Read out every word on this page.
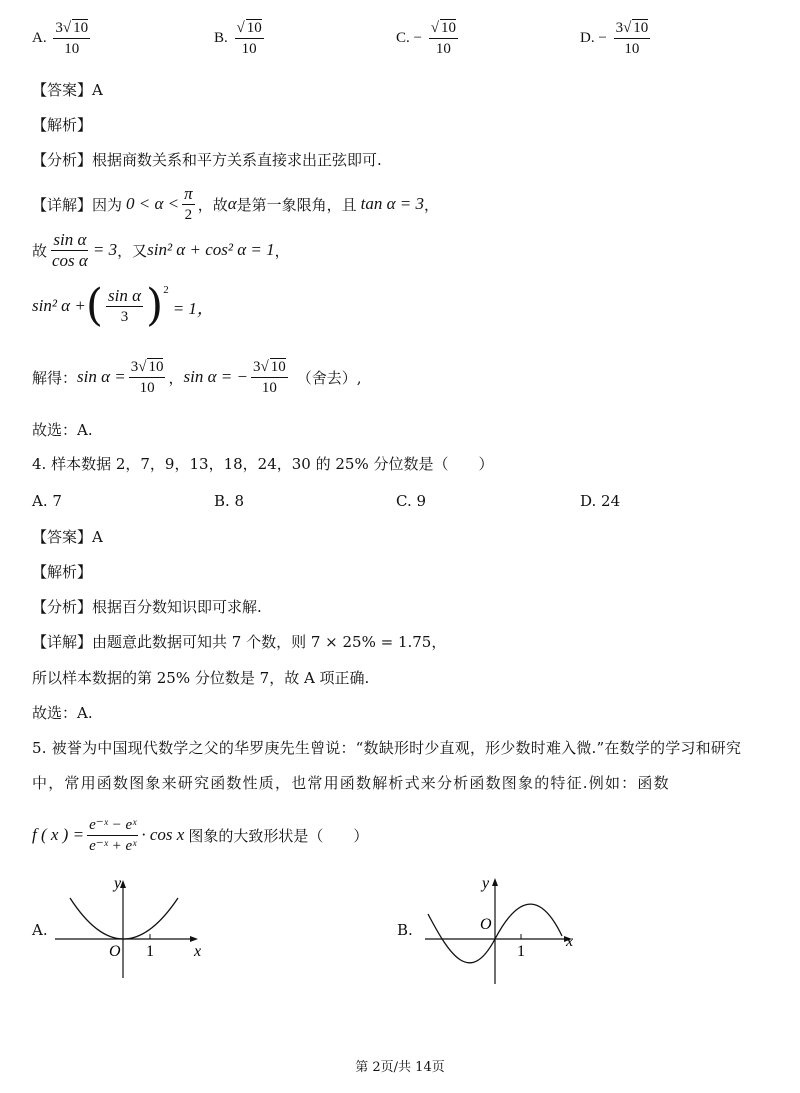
A. $\frac{3√ 10}{10}$	B. $\frac{√ 10}{10}$	C. − $\frac{√ 10}{10}$	D. − $\frac{3√ 10}{10}$
【答案】A
【解析】
【分析】根据商数关系和平方关系直接求出正弦即可.
【详解】 因为 $0 < \alpha < \frac{\pi}{2}$ ，故 α 是第一象限角，且 tan α = 3 ，
故 $\frac{\text{sin α}}{\text{cos α}} = 3$ ，又 sin² α + cos² α = 1 ，
sin² α + ( $\frac{\text{sin α}}{3}$ ) 2
= 1，
解得： $\sin \alpha = \frac{3√ 10}{10}$ ， sin α = − $\frac{3√ 10}{10}$ （舍去）,
故选：A.
4. 样本数据 2，7，9，13，18，24，30 的 25% 分位数是（　　）
A. 7	B. 8	C. 9	D. 24
【答案】A
【解析】
【分析】根据百分数知识即可求解.
【详解】由题意此数据可知共 7 个数，则 7 × 25% = 1.75，
所以样本数据的第 25% 分位数是 7，故 A 项正确.
故选：A.
5. 被誉为中国现代数学之父的华罗庚先生曾说：“数缺形时少直观，形少数时难入微.”在数学的学习和研究
中，常用函数图象来研究函数性质，也常用函数解析式来分析函数图象的特征.例如：函数
f ( x ) = $\frac{\text{e⁻ˣ − eˣ}}{\text{e⁻ˣ + eˣ}} \cdot \cos x$ 图象的大致形状是（　　）
A.
y
x
O 1
B.
y
x
O
1
第 2页/共 14页
